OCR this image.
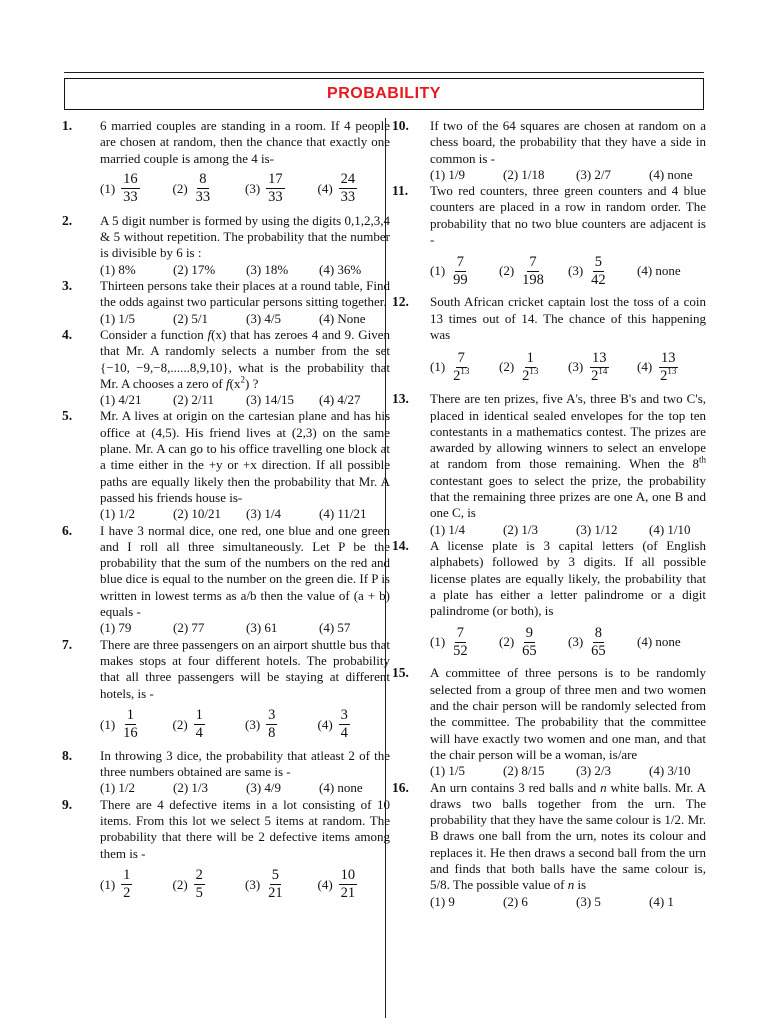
PROBABILITY
1. 6 married couples are standing in a room. If 4 people are chosen at random, then the chance that exactly one married couple is among the 4 is-
$(1) \frac{16}{33}$	$(2) \frac{8}{33}$	$(3) \frac{17}{33}$	$(4) \frac{24}{33}$
2. A 5 digit number is formed by using the digits 0,1,2,3,4 & 5 without repetition. The probability that the number is divisible by 6 is :
(1) 8%	(2) 17%	(3) 18%	(4) 36%
3. Thirteen persons take their places at a round table, Find the odds against two particular persons sitting together.
(1) 1/5	(2) 5/1	(3) 4/5	(4) None
4. Consider a function f(x) that has zeroes 4 and 9. Given that Mr. A randomly selects a number from the set {−10, −9,−8,......8,9,10}, what is the probability that Mr. A chooses a zero of $f(x^2)$ ?
(1) 4/21	(2) 2/11	(3) 14/15	(4) 4/27
5. Mr. A lives at origin on the cartesian plane and has his office at (4,5). His friend lives at (2,3) on the same plane. Mr. A can go to his office travelling one block at a time either in the +y or +x direction. If all possible paths are equally likely then the probability that Mr. A passed his friends house is-
(1) 1/2	(2) 10/21	(3) 1/4	(4) 11/21
6. I have 3 normal dice, one red, one blue and one green and I roll all three simultaneously. Let P be the probability that the sum of the numbers on the red and blue dice is equal to the number on the green die. If P is written in lowest terms as a/b then the value of (a + b) equals -
(1) 79	(2) 77	(3) 61	(4) 57
7. There are three passengers on an airport shuttle bus that makes stops at four different hotels. The probability that all three passengers will be staying at different hotels, is -
$(1) \frac{1}{16}$	$(2) \frac{1}{4}$	$(3) \frac{3}{8}$	$(4) \frac{3}{4}$
8. In throwing 3 dice, the probability that atleast 2 of the three numbers obtained are same is -
(1) 1/2	(2) 1/3	(3) 4/9	(4) none
9. There are 4 defective items in a lot consisting of 10 items. From this lot we select 5 items at random. The probability that there will be 2 defective items among them is -
$(1) \frac{1}{2}$	$(2) \frac{2}{5}$	$(3) \frac{5}{21}$	$(4) \frac{10}{21}$
10. If two of the 64 squares are chosen at random on a chess board, the probability that they have a side in common is -
(1) 1/9	(2) 1/18	(3) 2/7	(4) none
11. Two red counters, three green counters and 4 blue counters are placed in a row in random order. The probability that no two blue counters are adjacent is -
$(1) \frac{7}{99} (2) \frac{7}{198} (3) \frac{5}{42} (4)$ none
12. South African cricket captain lost the toss of a coin 13 times out of 14. The chance of this happening was
$(1) \frac{7}{2^{13}} (2) \frac{1}{2^{13}} (3) \frac{13}{2^{14}} (4) \frac{13}{2^{13}}$
13. There are ten prizes, five A's, three B's and two C's, placed in identical sealed envelopes for the top ten contestants in a mathematics contest. The prizes are awarded by allowing winners to select an envelope at random from those remaining. When the 8th contestant goes to select the prize, the probability that the remaining three prizes are one A, one B and one C, is
(1) 1/4	(2) 1/3	(3) 1/12	(4) 1/10
14. A license plate is 3 capital letters (of English alphabets) followed by 3 digits. If all possible license plates are equally likely, the probability that a plate has either a letter palindrome or a digit palindrome (or both), is
$(1) \frac{7}{52} (2) \frac{9}{65} (3) \frac{8}{65} (4)$ none
15. A committee of three persons is to be randomly selected from a group of three men and two women and the chair person will be randomly selected from the committee. The probability that the committee will have exactly two women and one man, and that the chair person will be a woman, is/are
(1) 1/5	(2) 8/15	(3) 2/3	(4) 3/10
16. An urn contains 3 red balls and n white balls. Mr. A draws two balls together from the urn. The probability that they have the same colour is 1/2. Mr. B draws one ball from the urn, notes its colour and replaces it. He then draws a second ball from the urn and finds that both balls have the same colour is, 5/8. The possible value of n is
(1) 9	(2) 6	(3) 5	(4) 1
